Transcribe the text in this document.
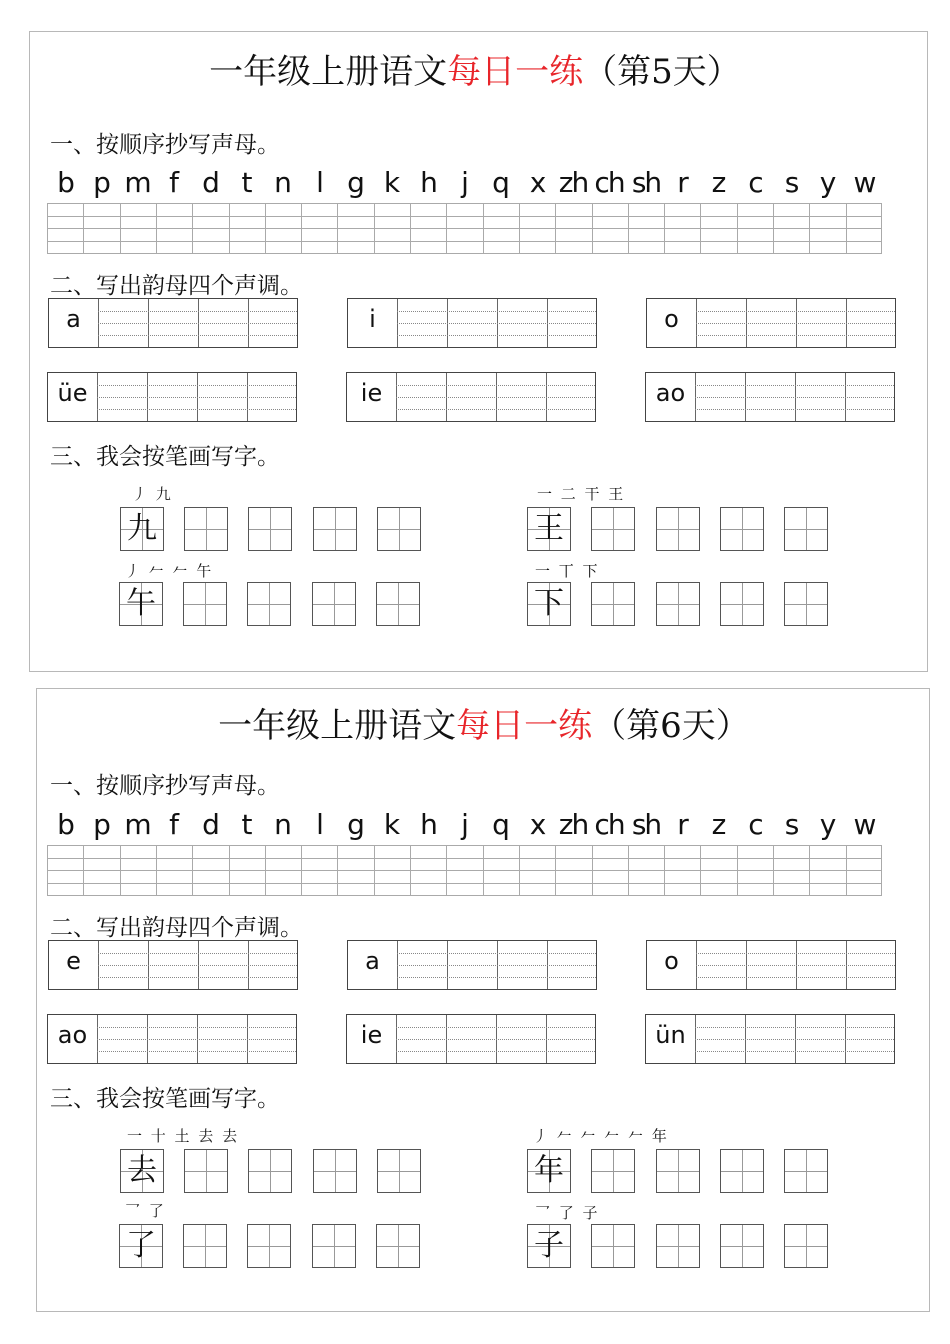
一年级上册语文每日一练（第5天）
一、按顺序抄写声母。
b p m f d t n l g k h j q x zh ch sh r z c s y w
二、写出韵母四个声调。
a	i	o
üe	ie	ao
三、我会按笔画写字。
丿 九
九
一 二 干 王
王
丿 𠂉 𠂉 午
午
一 丅 下
下
一年级上册语文每日一练（第6天）
一、按顺序抄写声母。
b p m f d t n l g k h j q x zh ch sh r z c s y w
二、写出韵母四个声调。
e	a	o
ao	ie	ün
三、我会按笔画写字。
一 十 土 去 去
去
丿 𠂉 𠂉 𠂉 𠂉 年
年
乛 了
了
乛 了 子
子
